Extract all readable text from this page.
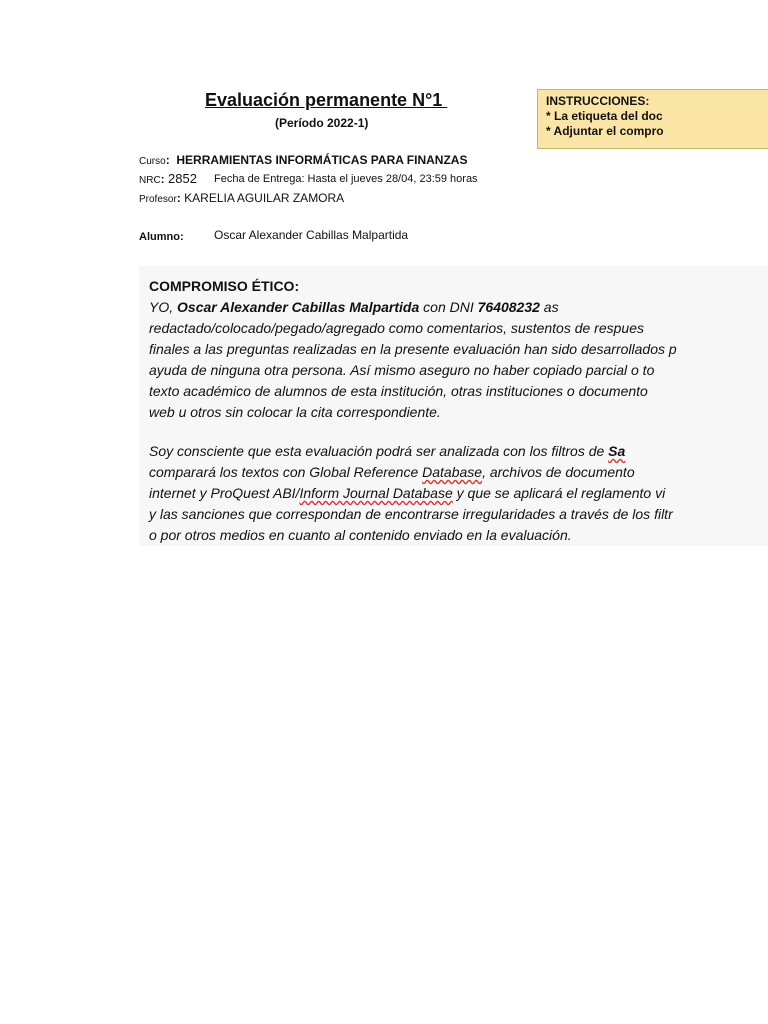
Evaluación permanente N°1
(Período 2022-1)
INSTRUCCIONES:
* La etiqueta del doc
* Adjuntar el compro
Curso: HERRAMIENTAS INFORMÁTICAS PARA FINANZAS
NRC: 2852 Fecha de Entrega: Hasta el jueves 28/04, 23:59 horas
Profesor: KARELIA AGUILAR ZAMORA
Alumno:	Oscar Alexander Cabillas Malpartida
COMPROMISO ÉTICO:
YO, Oscar Alexander Cabillas Malpartida con DNI 76408232 as
redactado/colocado/pegado/agregado como comentarios, sustentos de respues
finales a las preguntas realizadas en la presente evaluación han sido desarrollados p
ayuda de ninguna otra persona. Así mismo aseguro no haber copiado parcial o to
texto académico de alumnos de esta institución, otras instituciones o documento
web u otros sin colocar la cita correspondiente.
Soy consciente que esta evaluación podrá ser analizada con los filtros de Sa
comparará los textos con Global Reference Database, archivos de documento
internet y ProQuest ABI/Inform Journal Database y que se aplicará el reglamento vi
y las sanciones que correspondan de encontrarse irregularidades a través de los filtr
o por otros medios en cuanto al contenido enviado en la evaluación.
